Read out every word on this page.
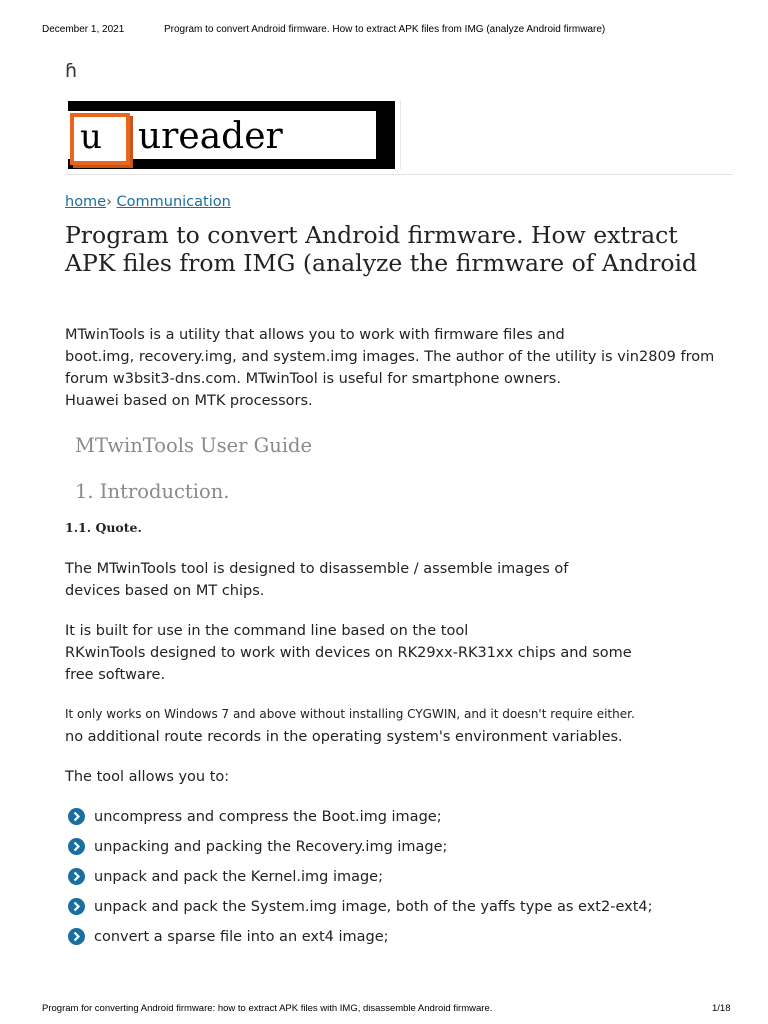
December 1, 2021	Program to convert Android firmware. How to extract APK files from IMG (analyze Android firmware)
ɦ
u	ureader
home› Communication
Program to convert Android firmware. How extract APK files from IMG (analyze the firmware of Android

MTwinTools is a utility that allows you to work with firmware files and
boot.img, recovery.img, and system.img images. The author of the utility is vin2809 from
forum w3bsit3-dns.com. MTwinTool is useful for smartphone owners.
Huawei based on MTK processors.

MTwinTools User Guide
1. Introduction.
1.1. Quote.

The MTwinTools tool is designed to disassemble / assemble images of
devices based on MT chips.

It is built for use in the command line based on the tool
RKwinTools designed to work with devices on RK29xx-RK31xx chips and some
free software.

It only works on Windows 7 and above without installing CYGWIN, and it doesn't require either.

no additional route records in the operating system's environment variables.

The tool allows you to:

uncompress and compress the Boot.img image;
unpacking and packing the Recovery.img image;
unpack and pack the Kernel.img image;
unpack and pack the System.img image, both of the yaffs type as ext2-ext4;
convert a sparse file into an ext4 image;
Program for converting Android firmware: how to extract APK files with IMG, disassemble Android firmware.	1/18
